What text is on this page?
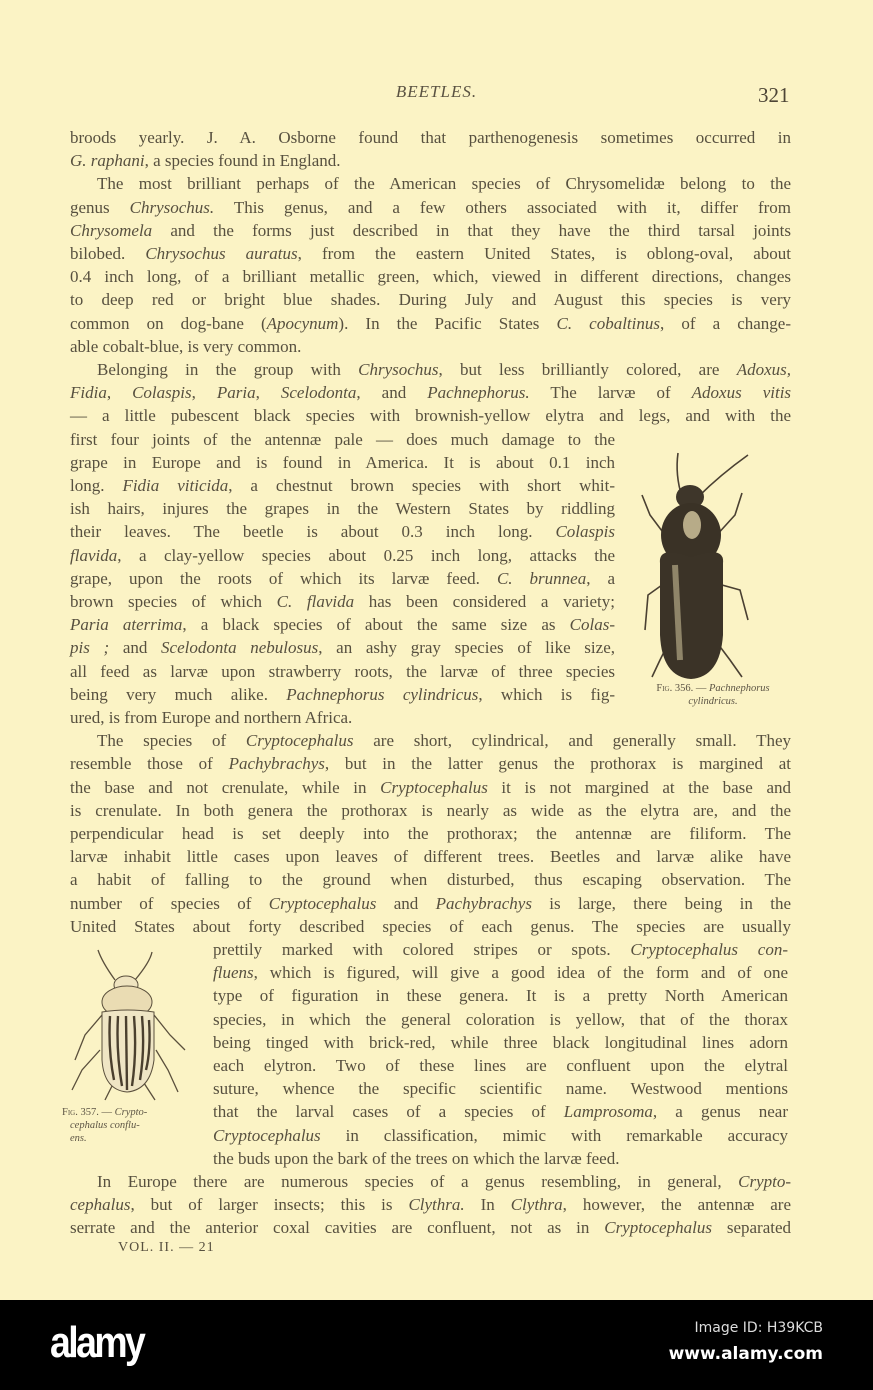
BEETLES.	321
broods yearly. J. A. Osborne found that parthenogenesis sometimes occurred in
G. raphani, a species found in England.
The most brilliant perhaps of the American species of Chrysomelidæ belong to the
genus Chrysochus. This genus, and a few others associated with it, differ from
Chrysomela and the forms just described in that they have the third tarsal joints
bilobed. Chrysochus auratus, from the eastern United States, is oblong-oval, about
0.4 inch long, of a brilliant metallic green, which, viewed in different directions, changes
to deep red or bright blue shades. During July and August this species is very
common on dog-bane (Apocynum). In the Pacific States C. cobaltinus, of a change-
able cobalt-blue, is very common.
Belonging in the group with Chrysochus, but less brilliantly colored, are Adoxus,
Fidia, Colaspis, Paria, Scelodonta, and Pachnephorus. The larvæ of Adoxus vitis
— a little pubescent black species with brownish-yellow elytra and legs, and with the
first four joints of the antennæ pale — does much damage to the
grape in Europe and is found in America. It is about 0.1 inch
long. Fidia viticida, a chestnut brown species with short whit-
ish hairs, injures the grapes in the Western States by riddling
their leaves. The beetle is about 0.3 inch long. Colaspis
flavida, a clay-yellow species about 0.25 inch long, attacks the
grape, upon the roots of which its larvæ feed. C. brunnea, a
brown species of which C. flavida has been considered a variety;
Paria aterrima, a black species of about the same size as Colas-
pis ; and Scelodonta nebulosus, an ashy gray species of like size,
all feed as larvæ upon strawberry roots, the larvæ of three species
being very much alike. Pachnephorus cylindricus, which is fig-
ured, is from Europe and northern Africa.
The species of Cryptocephalus are short, cylindrical, and generally small. They
resemble those of Pachybrachys, but in the latter genus the prothorax is margined at
the base and not crenulate, while in Cryptocephalus it is not margined at the base and
is crenulate. In both genera the prothorax is nearly as wide as the elytra are, and the
perpendicular head is set deeply into the prothorax; the antennæ are filiform. The
larvæ inhabit little cases upon leaves of different trees. Beetles and larvæ alike have
a habit of falling to the ground when disturbed, thus escaping observation. The
number of species of Cryptocephalus and Pachybrachys is large, there being in the
United States about forty described species of each genus. The species are usually
prettily marked with colored stripes or spots. Cryptocephalus con-
fluens, which is figured, will give a good idea of the form and of one
type of figuration in these genera. It is a pretty North American
species, in which the general coloration is yellow, that of the thorax
being tinged with brick-red, while three black longitudinal lines adorn
each elytron. Two of these lines are confluent upon the elytral
suture, whence the specific scientific name. Westwood mentions
that the larval cases of a species of Lamprosoma, a genus near
Cryptocephalus in classification, mimic with remarkable accuracy
the buds upon the bark of the trees on which the larvæ feed.
In Europe there are numerous species of a genus resembling, in general, Crypto-
cephalus, but of larger insects; this is Clythra. In Clythra, however, the antennæ are
serrate and the anterior coxal cavities are confluent, not as in Cryptocephalus separated
Fig. 356. — Pachnephorus
cylindricus.
Fig. 357. — Crypto-
cephalus conflu-
ens.
VOL. II. — 21
alamy	Image ID: H39KCB
www.alamy.com
